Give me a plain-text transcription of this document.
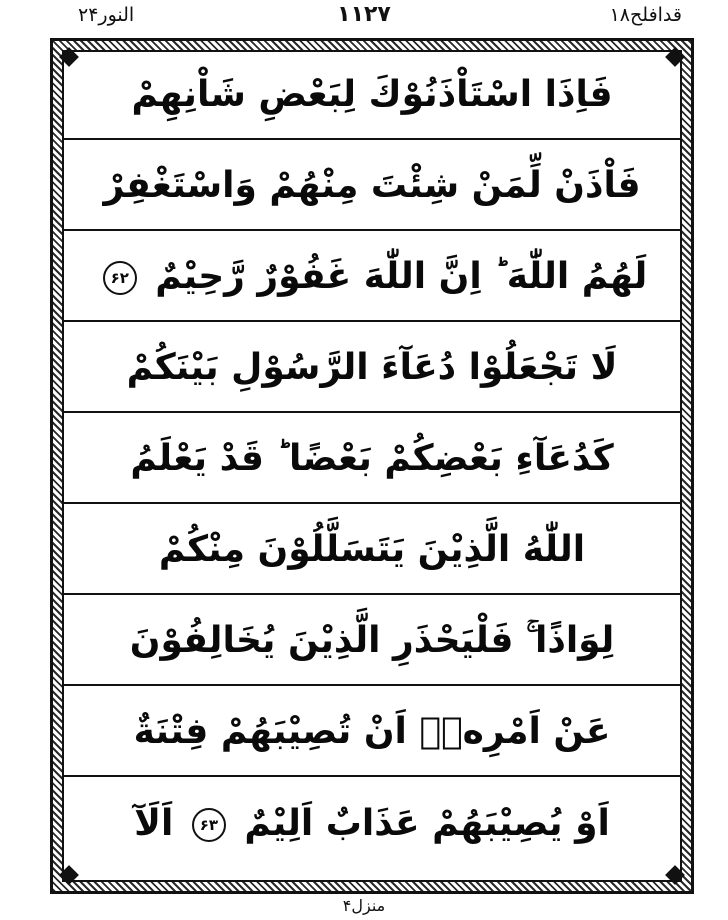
النور۲۴	۱۱۲۷	قدافلح۱۸
فَاِذَا اسْتَاْذَنُوْكَ لِبَعْضِ شَاْنِهِمْ
فَاْذَنْ لِّمَنْ شِئْتَ مِنْهُمْ وَاسْتَغْفِرْ
لَهُمُ اللّٰهَ ؕ اِنَّ اللّٰهَ غَفُوْرٌ رَّحِيْمٌ ۶۲
لَا تَجْعَلُوْا دُعَآءَ الرَّسُوْلِ بَيْنَكُمْ
كَدُعَآءِ بَعْضِكُمْ بَعْضًا ؕ قَدْ يَعْلَمُ
اللّٰهُ الَّذِيْنَ يَتَسَلَّلُوْنَ مِنْكُمْ
لِوَاذًا ۚ فَلْيَحْذَرِ الَّذِيْنَ يُخَالِفُوْنَ
عَنْ اَمْرِهٖۤ اَنْ تُصِيْبَهُمْ فِتْنَةٌ
اَوْ يُصِيْبَهُمْ عَذَابٌ اَلِيْمٌ ۶۳ اَلَآ
منزل۴
